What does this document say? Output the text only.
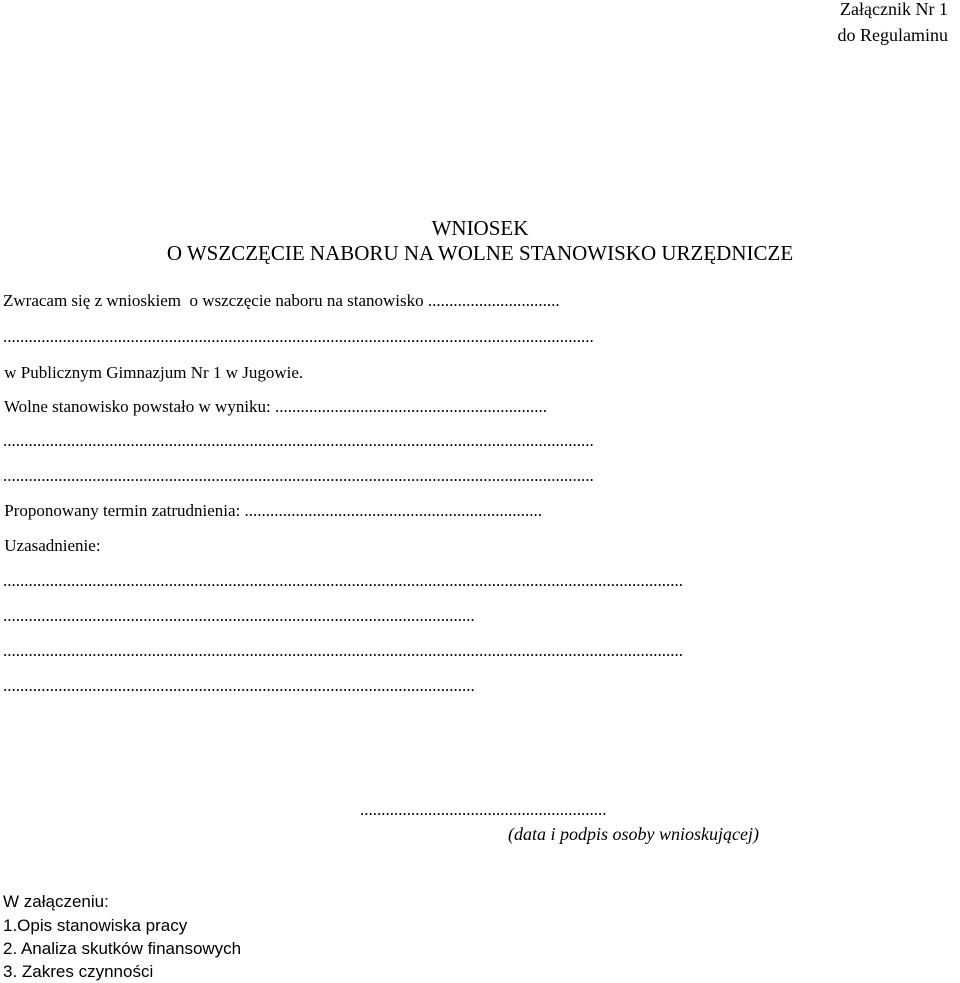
Załącznik Nr 1
do Regulaminu
WNIOSEK
O WSZCZĘCIE NABORU NA WOLNE STANOWISKO URZĘDNICZE
Zwracam się z wnioskiem  o wszczęcie naboru na stanowisko ...............................
...........................................................................................................................................
w Publicznym Gimnazjum Nr 1 w Jugowie.
Wolne stanowisko powstało w wyniku: ................................................................
...........................................................................................................................................
...........................................................................................................................................
Proponowany termin zatrudnienia: ......................................................................
Uzasadnienie:
................................................................................................................................................................
...............................................................................................................
................................................................................................................................................................
...............................................................................................................
..........................................................
(data i podpis osoby wnioskującej)
W załączeniu:
1.Opis stanowiska pracy
2. Analiza skutków finansowych
3. Zakres czynności
